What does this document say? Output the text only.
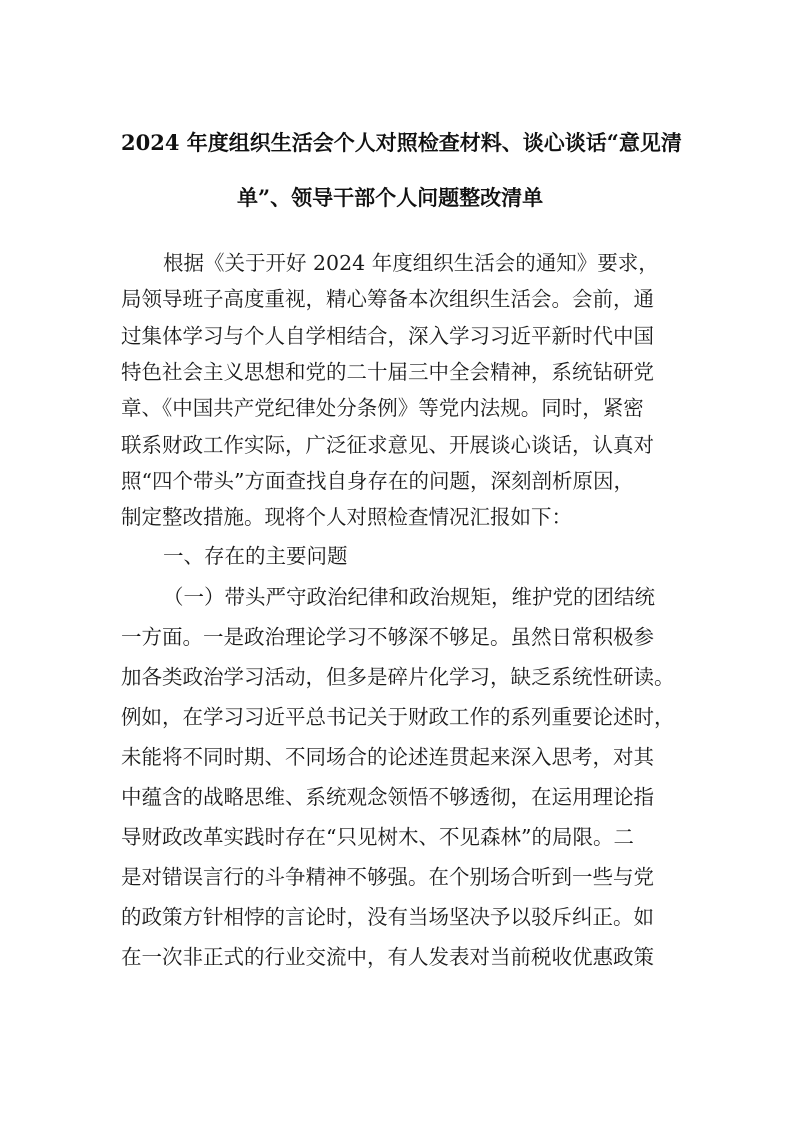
2024 年度组织生活会个人对照检查材料、谈心谈话“意见清
单”、领导干部个人问题整改清单
根据《关于开好 2024 年度组织生活会的通知》要求，
局领导班子高度重视，精心筹备本次组织生活会。会前，通
过集体学习与个人自学相结合，深入学习习近平新时代中国
特色社会主义思想和党的二十届三中全会精神，系统钻研党
章、《中国共产党纪律处分条例》等党内法规。同时，紧密
联系财政工作实际，广泛征求意见、开展谈心谈话，认真对
照“四个带头”方面查找自身存在的问题，深刻剖析原因，
制定整改措施。现将个人对照检查情况汇报如下：
一、存在的主要问题
（一）带头严守政治纪律和政治规矩，维护党的团结统
一方面。一是政治理论学习不够深不够足。虽然日常积极参
加各类政治学习活动，但多是碎片化学习，缺乏系统性研读。
例如，在学习习近平总书记关于财政工作的系列重要论述时，
未能将不同时期、不同场合的论述连贯起来深入思考，对其
中蕴含的战略思维、系统观念领悟不够透彻，在运用理论指
导财政改革实践时存在“只见树木、不见森林”的局限。二
是对错误言行的斗争精神不够强。在个别场合听到一些与党
的政策方针相悖的言论时，没有当场坚决予以驳斥纠正。如
在一次非正式的行业交流中，有人发表对当前税收优惠政策
